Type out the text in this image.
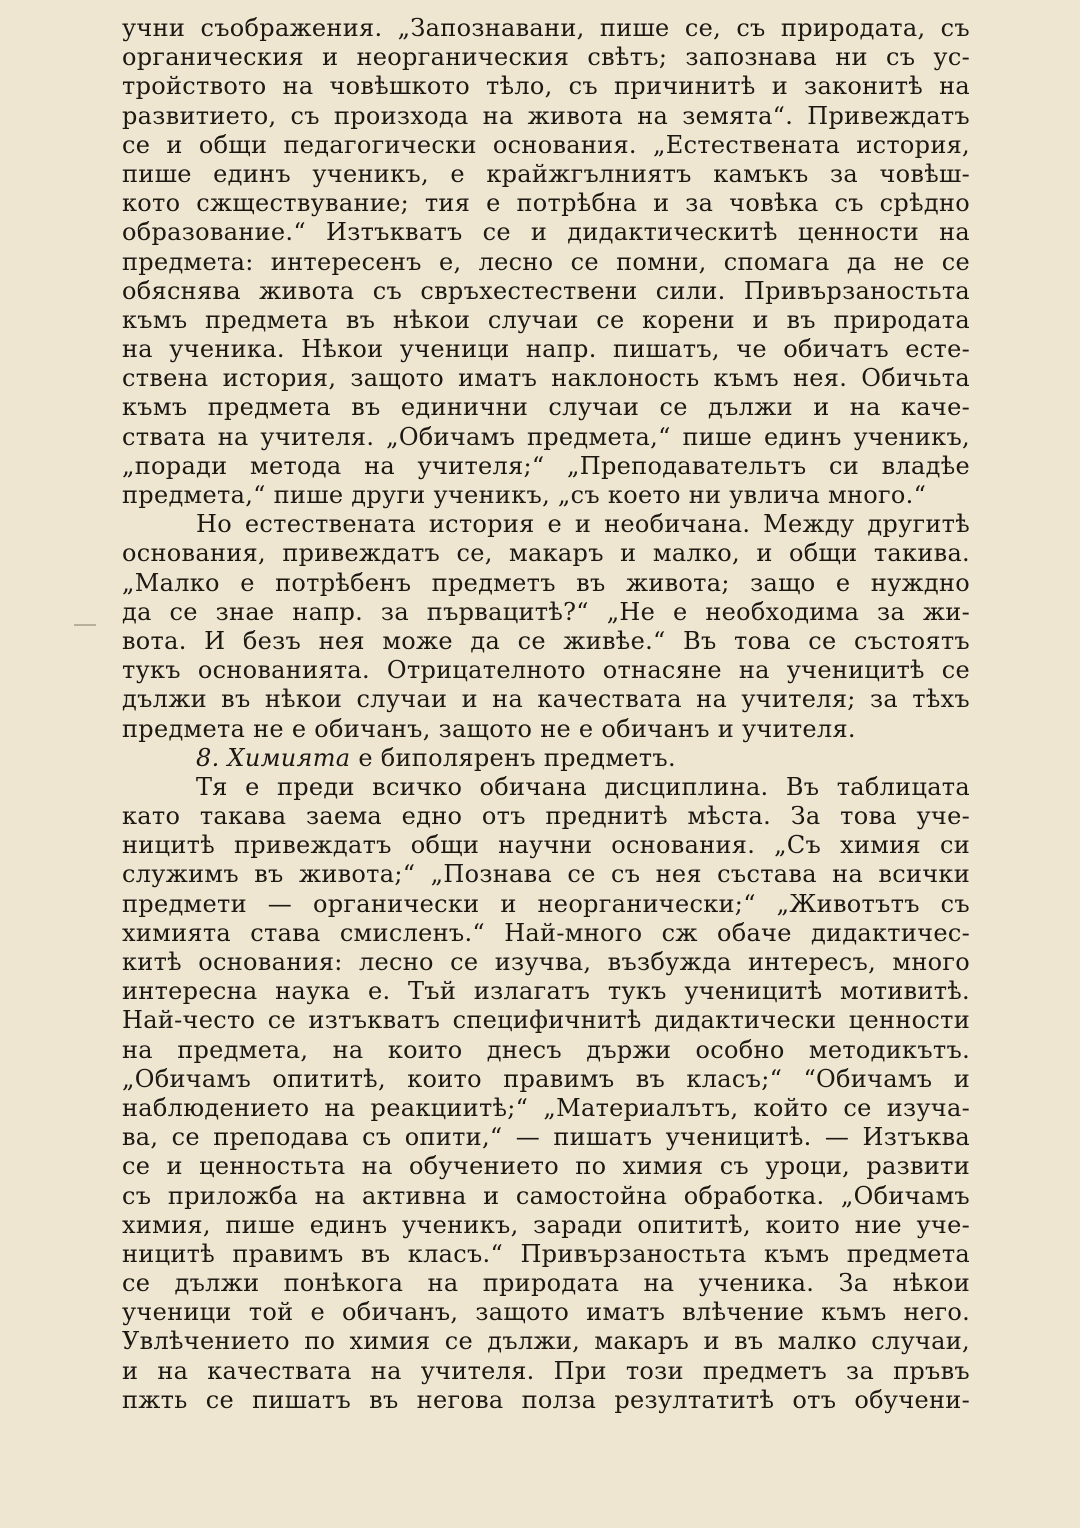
учни съображения. „Запознавани, пише се, съ природата, съ
органическия и неорганическия свѣтъ; запознава ни съ ус-
тройството на човѣшкото тѣло, съ причинитѣ и законитѣ на
развитието, съ произхода на живота на земята“. Привеждатъ
се и общи педагогически основания. „Естествената история,
пише единъ ученикъ, е крайжгълниятъ камъкъ за човѣш-
кото сжществувание; тия е потрѣбна и за човѣка съ срѣдно
образование.“ Изтъкватъ се и дидактическитѣ ценности на
предмета: интересенъ е, лесно се помни, спомага да не се
обяснява живота съ свръхестествени сили. Привързаностьта
къмъ предмета въ нѣкои случаи се корени и въ природата
на ученика. Нѣкои ученици напр. пишатъ, че обичатъ есте-
ствена история, защото иматъ наклоность къмъ нея. Обичьта
къмъ предмета въ единични случаи се дължи и на каче-
ствата на учителя. „Обичамъ предмета,“ пише единъ ученикъ,
„поради метода на учителя;“ „Преподавательтъ си владѣе
предмета,“ пише други ученикъ, „съ което ни увлича много.“
Но естествената история е и необичана. Между другитѣ
основания, привеждатъ се, макаръ и малко, и общи такива.
„Малко е потрѣбенъ предметъ въ живота; защо е нуждно
да се знае напр. за първацитѣ?“ „Не е необходима за жи-
вота. И безъ нея може да се живѣе.“ Въ това се състоятъ
тукъ основанията. Отрицателното отнасяне на ученицитѣ се
дължи въ нѣкои случаи и на качествата на учителя; за тѣхъ
предмета не е обичанъ, защото не е обичанъ и учителя.
8. Химията е биполяренъ предметъ.
Тя е преди всичко обичана дисциплина. Въ таблицата
като такава заема едно отъ преднитѣ мѣста. За това уче-
ницитѣ привеждатъ общи научни основания. „Съ химия си
служимъ въ живота;“ „Познава се съ нея състава на всички
предмети — органически и неорганически;“ „Животътъ съ
химията става смисленъ.“ Най-много сж обаче дидактичес-
китѣ основания: лесно се изучва, възбужда интересъ, много
интересна наука е. Тъй излагатъ тукъ ученицитѣ мотивитѣ.
Най-често се изтъкватъ специфичнитѣ дидактически ценности
на предмета, на които днесъ държи особно методикътъ.
„Обичамъ опититѣ, които правимъ въ класъ;“ “Обичамъ и
наблюдението на реакциитѣ;“ „Материалътъ, който се изуча-
ва, се преподава съ опити,“ — пишатъ ученицитѣ. — Изтъква
се и ценностьта на обучението по химия съ уроци, развити
съ приложба на активна и самостойна обработка. „Обичамъ
химия, пише единъ ученикъ, заради опититѣ, които ние уче-
ницитѣ правимъ въ класъ.“ Привързаностьта къмъ предмета
се дължи понѣкога на природата на ученика. За нѣкои
ученици той е обичанъ, защото иматъ влѣчение къмъ него.
Увлѣчението по химия се дължи, макаръ и въ малко случаи,
и на качествата на учителя. При този предметъ за пръвъ
пжть се пишатъ въ негова полза резултатитѣ отъ обучени-
